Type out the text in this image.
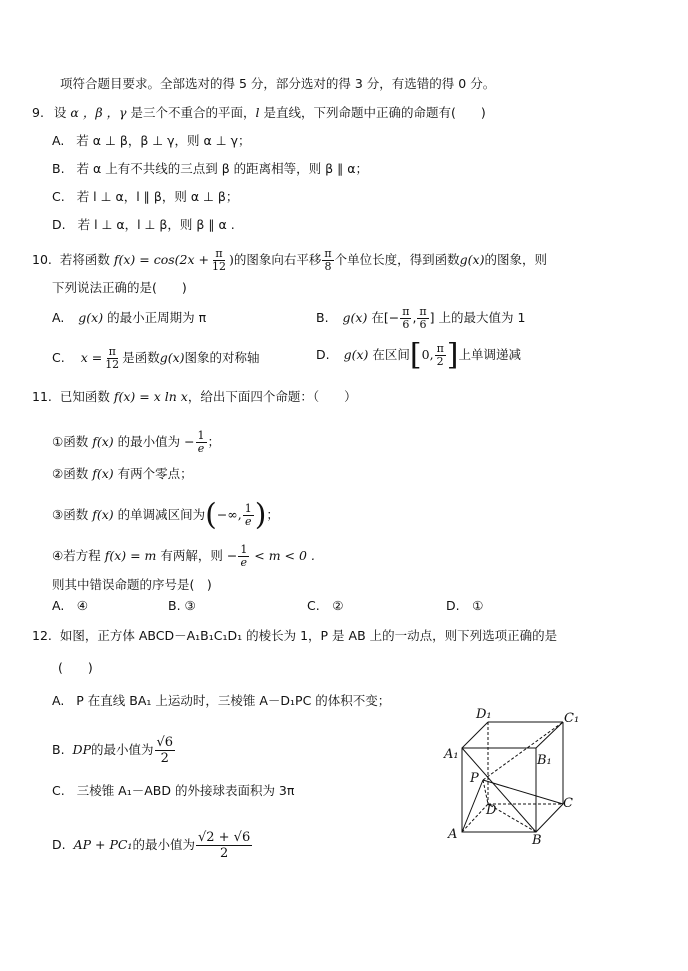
项符合题目要求。全部选对的得 5 分，部分选对的得 3 分，有选错的得 0 分。
9. 设 α ，β ，γ 是三个不重合的平面，l 是直线，下列命题中正确的命题有(　　)
A. 若 α ⊥ β，β ⊥ γ，则 α ⊥ γ；
B. 若 α 上有不共线的三点到 β 的距离相等，则 β ∥ α；
C. 若 l ⊥ α，l ∥ β，则 α ⊥ β；
D. 若 l ⊥ α，l ⊥ β，则 β ∥ α .
10. 若将函数 $f(x) = \cos(2x + \frac{\pi}{12}$ )的图象向右平移 $\frac{\pi}{8}$ 个单位长度，得到函数g(x)的图象，则
下列说法正确的是(　　)
A. g(x) 的最小正周期为 π	B. g(x) 在[− $\frac{\pi}{6}$ , $\frac{\pi}{6}$ ] 上的最大值为 1
C. $x = \frac{\pi}{12}$ 是函数g(x)图象的对称轴	D. g(x) 在区间[0, $\frac{\pi}{2}$ ]上单调递减
11. 已知函数 f(x) = x ln x，给出下面四个命题：（　　）
①函数 f(x) 的最小值为 − $\frac{1}{e}$ ；
②函数 f(x) 有两个零点；
③函数 f(x) 的单调减区间为(−∞, $\frac{1}{e}$ )；
④若方程 f(x) = m 有两解，则 − $\frac{1}{e} < m < 0$ .
则其中错误命题的序号是(　)
A.　④	B. ③	C.　②	D.　①
12. 如图，正方体 ABCD－A₁B₁C₁D₁ 的棱长为 1，P 是 AB 上的一动点，则下列选项正确的是
(　　)
A. P 在直线 BA₁ 上运动时，三棱锥 A－D₁PC 的体积不变；
B. DP的最小值为 $\frac{√6}{2}$
C. 三棱锥 A₁－ABD 的外接球表面积为 3π
D. AP + PC₁的最小值为 $\frac{√2 + √6}{2}$
D₁	C₁
A₁	B₁
P
D	C
A	B
